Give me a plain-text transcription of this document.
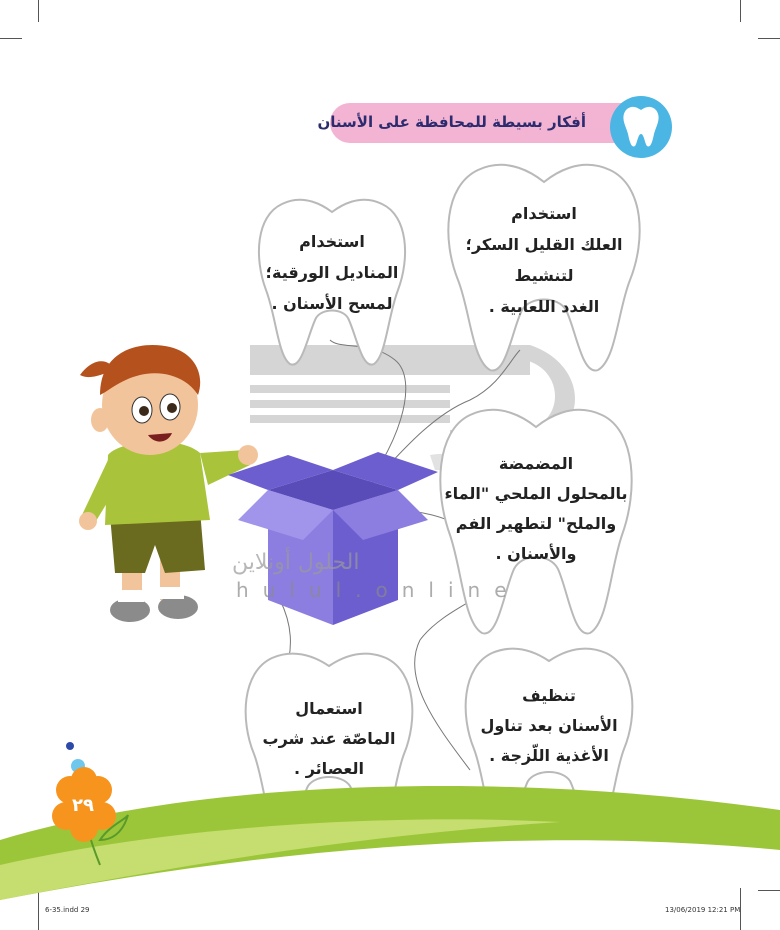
أفكار بسيطة للمحافظة على الأسنان
استخدام
العلك القليل السكر؛
لتنشيط
الغدد اللعابية .
استخدام
المناديل الورقية؛
لمسح الأسنان .
المضمضة
بالمحلول الملحي "الماء
والملح" لتطهير الفم
والأسنان .
استعمال
الماصّة عند شرب
العصائر .
تنظيف
الأسنان بعد تناول
الأغذية اللّزجة .
الحلول أونلاين
hulul.online
٢٩
6-35.indd 29	13/06/2019 12:21 PM
